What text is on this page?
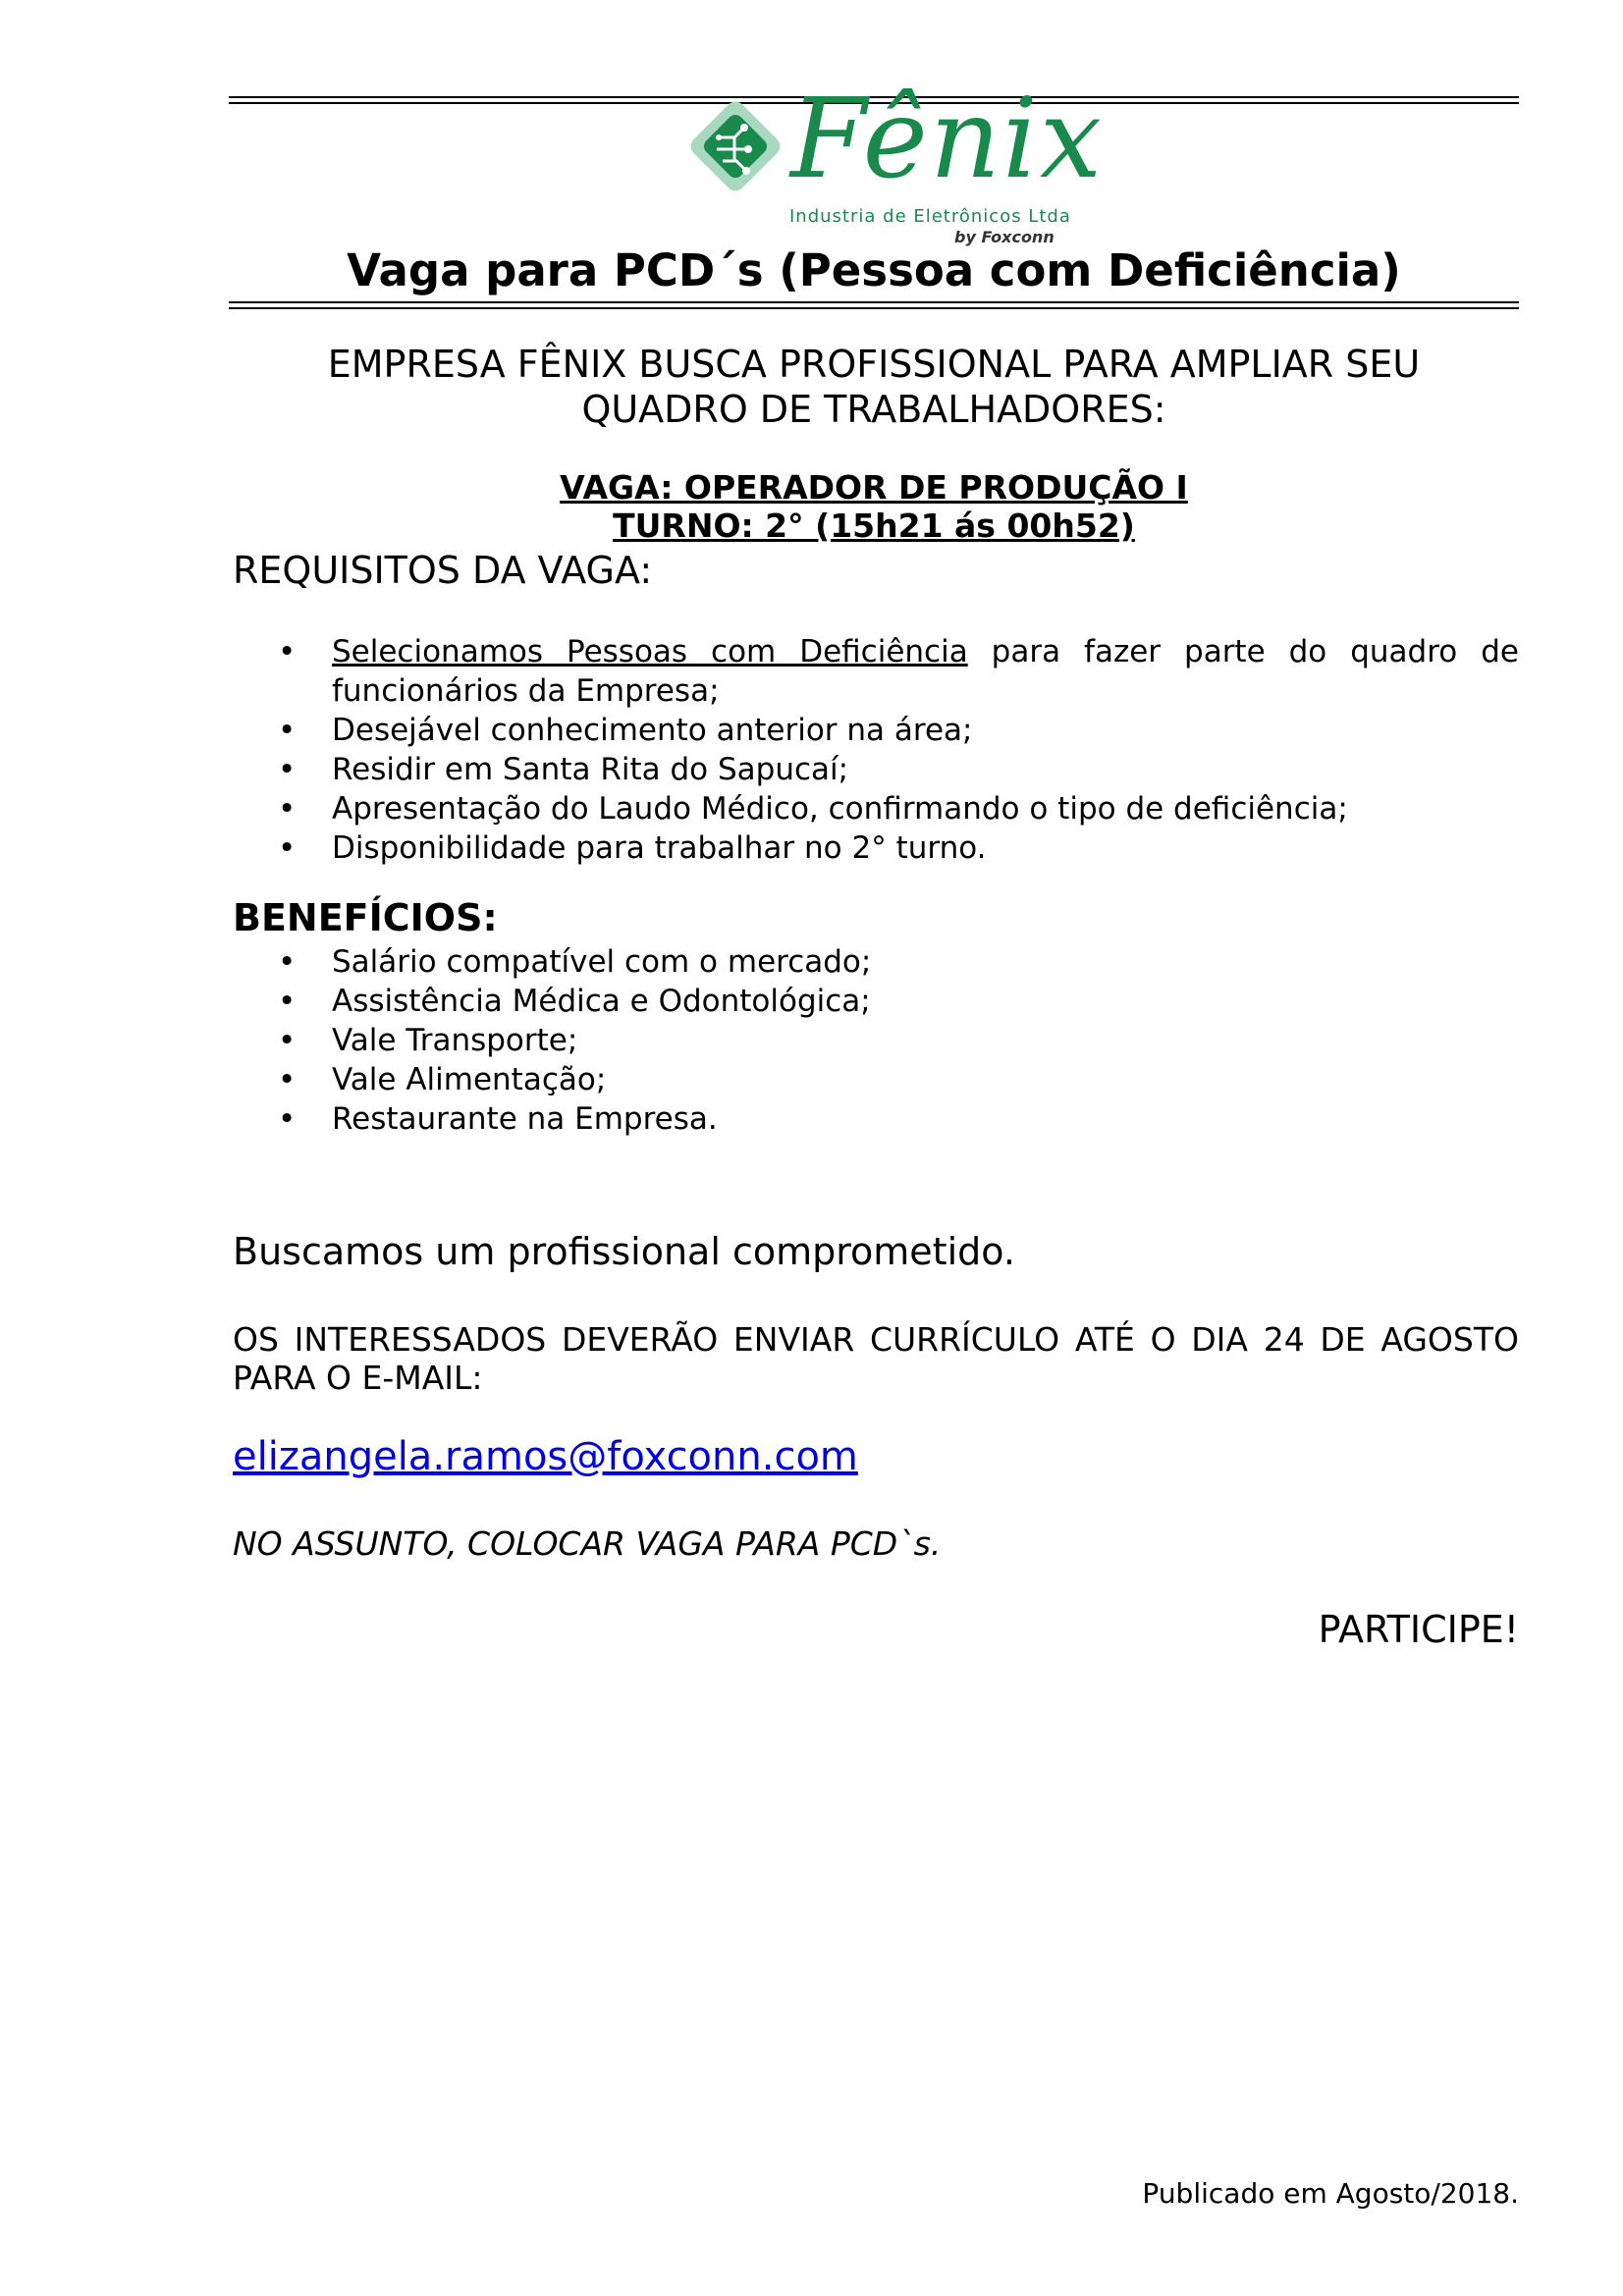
Fênix
Industria de Eletrônicos Ltda
by Foxconn
Vaga para PCD´s (Pessoa com Deficiência)
EMPRESA FÊNIX BUSCA PROFISSIONAL PARA AMPLIAR SEU
QUADRO DE TRABALHADORES:
VAGA: OPERADOR DE PRODUÇÃO I
TURNO: 2° (15h21 ás 00h52)
REQUISITOS DA VAGA:
• Selecionamos Pessoas com Deficiência para fazer parte do quadro de funcionários da Empresa;
• Desejável conhecimento anterior na área;
• Residir em Santa Rita do Sapucaí;
• Apresentação do Laudo Médico, confirmando o tipo de deficiência;
• Disponibilidade para trabalhar no 2° turno.
BENEFÍCIOS:
• Salário compatível com o mercado;
• Assistência Médica e Odontológica;
• Vale Transporte;
• Vale Alimentação;
• Restaurante na Empresa.
Buscamos um profissional comprometido.
OS INTERESSADOS DEVERÃO ENVIAR CURRÍCULO ATÉ O DIA 24 DE AGOSTO PARA O E-MAIL:
elizangela.ramos@foxconn.com
NO ASSUNTO, COLOCAR VAGA PARA PCD`s.
PARTICIPE!
Publicado em Agosto/2018.
